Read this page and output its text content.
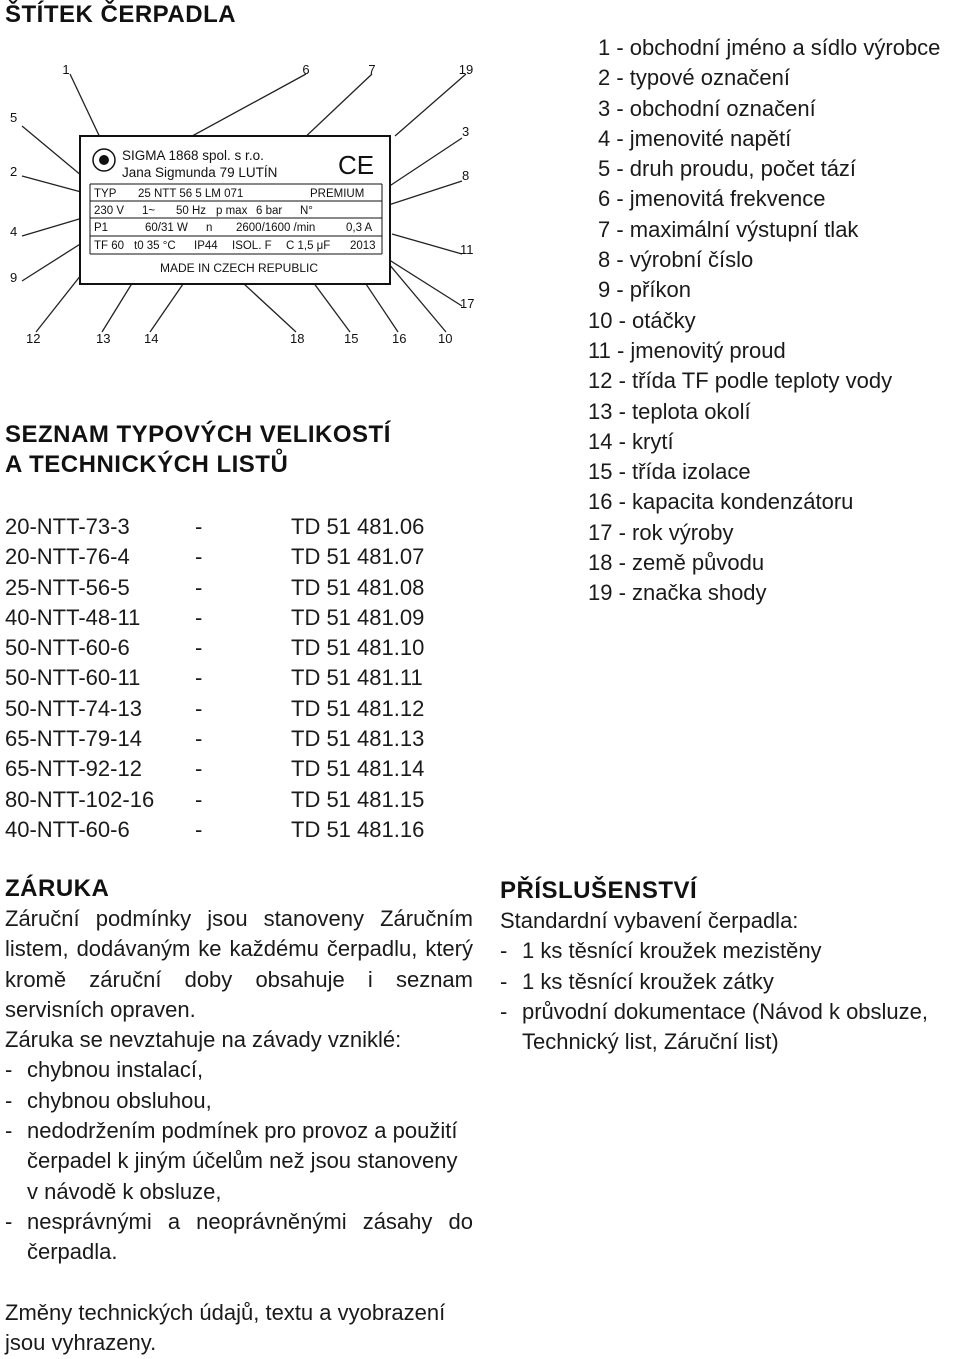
ŠTÍTEK ČERPADLA
1	6	7	19
5
2
4
9
3
8
11
17
12	13	14	18	15	16 10
SIGMA 1868 spol. s r.o.
Jana Sigmunda 79 LUTÍN CE
TYP 25 NTT 56 5 LM 071	PREMIUM
230 V 1~ 50 Hz p max 6 bar N°
P1	60/31 W n 2600/1600 /min	0,3 A
TF 60 t0 35 °C IP44 ISOL. F C 1,5 μF 2013
MADE IN CZECH REPUBLIC
1 - obchodní jméno a sídlo výrobce
2 - typové označení
3 - obchodní označení
4 - jmenovité napětí
5 - druh proudu, počet tází
6 - jmenovitá frekvence
7 - maximální výstupní tlak
8 - výrobní číslo
9 - příkon
10 - otáčky
11 - jmenovitý proud
12 - třída TF podle teploty vody
13 - teplota okolí
14 - krytí
15 - třída izolace
16 - kapacita kondenzátoru
17 - rok výroby
18 - země původu
19 - značka shody
SEZNAM TYPOVÝCH VELIKOSTÍ
A TECHNICKÝCH LISTŮ
20-NTT-73-3	-	TD 51 481.06
20-NTT-76-4	-	TD 51 481.07
25-NTT-56-5	-	TD 51 481.08
40-NTT-48-11	-	TD 51 481.09
50-NTT-60-6	-	TD 51 481.10
50-NTT-60-11	-	TD 51 481.11
50-NTT-74-13	-	TD 51 481.12
65-NTT-79-14	-	TD 51 481.13
65-NTT-92-12	-	TD 51 481.14
80-NTT-102-16	-	TD 51 481.15
40-NTT-60-6	-	TD 51 481.16
ZÁRUKA
Záruční podmínky jsou stanoveny Záručním listem, dodávaným ke každému čerpadlu, který kromě záruční doby obsahuje i seznam servisních opraven.
Záruka se nevztahuje na závady vzniklé:
- chybnou instalací,
- chybnou obsluhou,
- nedodržením podmínek pro provoz a použití čerpadel k jiným účelům než jsou stanoveny v návodě k obsluze,
- nesprávnými a neoprávněnými zásahy do čerpadla.
PŘÍSLUŠENSTVÍ
Standardní vybavení čerpadla:
- 1 ks těsnící kroužek mezistěny
- 1 ks těsnící kroužek zátky
- průvodní dokumentace (Návod k obsluze, Technický list, Záruční list)
Změny technických údajů, textu a vyobrazení jsou vyhrazeny.
